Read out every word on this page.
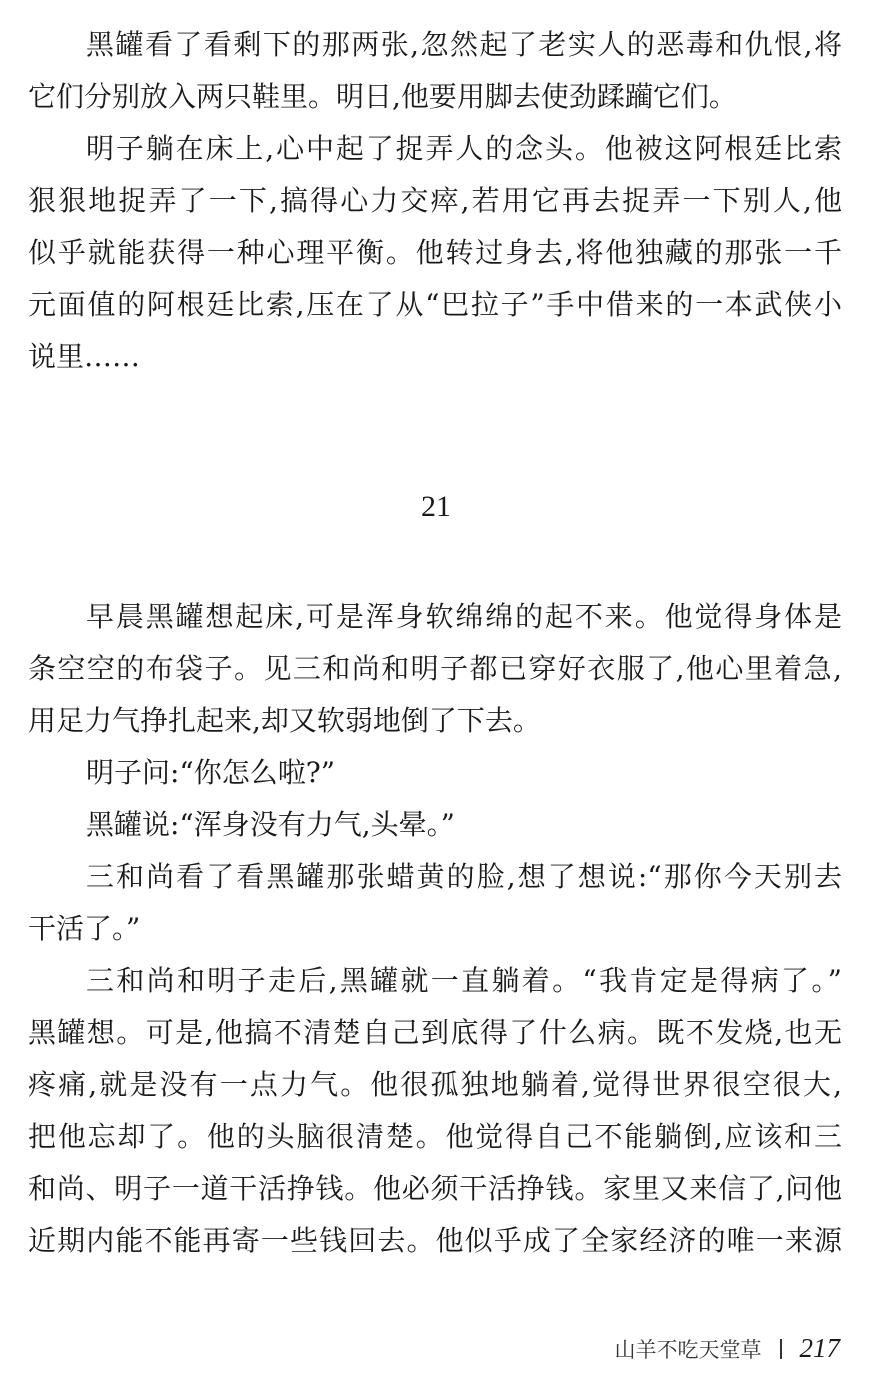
黑罐看了看剩下的那两张,忽然起了老实人的恶毒和仇恨,将
它们分别放入两只鞋里。明日,他要用脚去使劲蹂躏它们。
明子躺在床上,心中起了捉弄人的念头。他被这阿根廷比索
狠狠地捉弄了一下,搞得心力交瘁,若用它再去捉弄一下别人,他
似乎就能获得一种心理平衡。他转过身去,将他独藏的那张一千
元面值的阿根廷比索,压在了从“巴拉子”手中借来的一本武侠小
说里……
21
早晨黑罐想起床,可是浑身软绵绵的起不来。他觉得身体是
条空空的布袋子。见三和尚和明子都已穿好衣服了,他心里着急,
用足力气挣扎起来,却又软弱地倒了下去。
明子问:“你怎么啦?”
黑罐说:“浑身没有力气,头晕。”
三和尚看了看黑罐那张蜡黄的脸,想了想说:“那你今天别去
干活了。”
三和尚和明子走后,黑罐就一直躺着。“我肯定是得病了。”
黑罐想。可是,他搞不清楚自己到底得了什么病。既不发烧,也无
疼痛,就是没有一点力气。他很孤独地躺着,觉得世界很空很大,
把他忘却了。他的头脑很清楚。他觉得自己不能躺倒,应该和三
和尚、明子一道干活挣钱。他必须干活挣钱。家里又来信了,问他
近期内能不能再寄一些钱回去。他似乎成了全家经济的唯一来源
山羊不吃天堂草 217
